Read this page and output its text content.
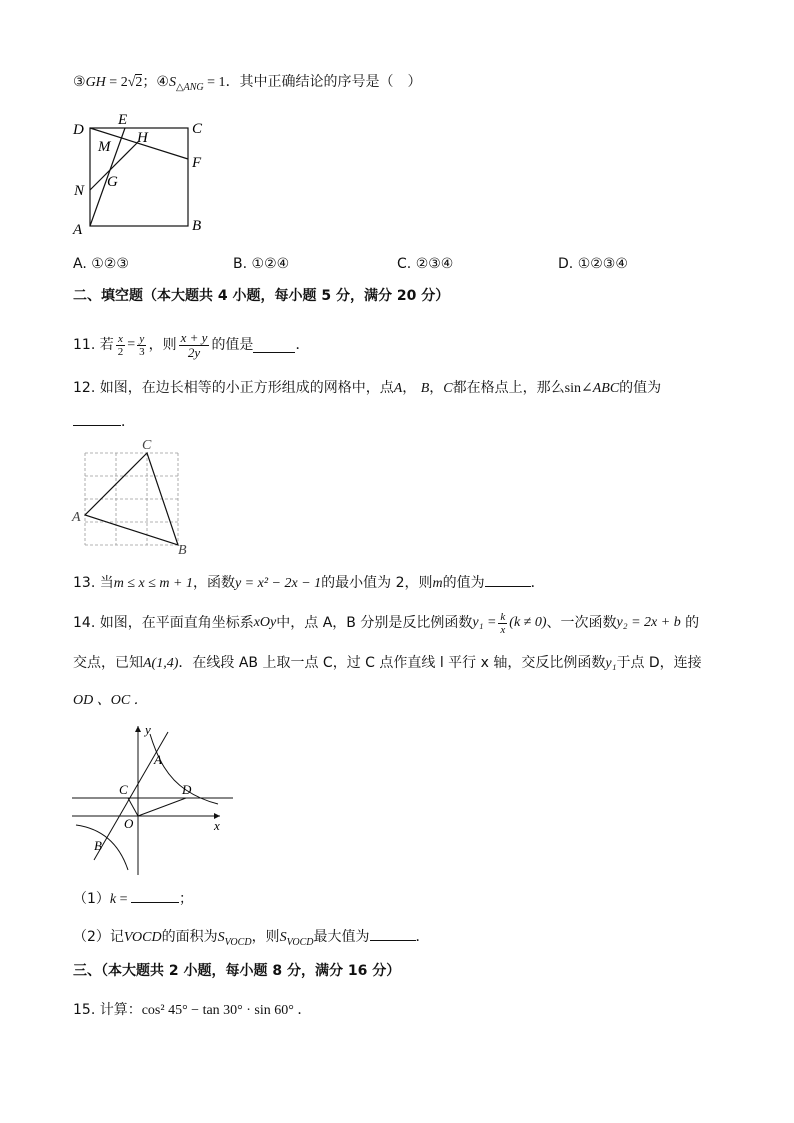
③GH = 2√2；$④S_{\triangle ANG} = 1$．其中正确结论的序号是（　）
D
E
C
H
M
F
N
G
A	B
A. ①②③	B. ①②④	C. ②③④	D. ①②③④
二、填空题（本大题共 4 小题，每小题 5 分，满分 20 分）
11.
若 $\frac{x}{2} = \frac{y}{3}$ ，则 $\frac{x + y}{2y}$ 的值是	．
12. 如图，在边长相等的小正方形组成的网格中，点A， B，C都在格点上，那么sin∠ABC的值为
．
C
A
B
13. 当m ≤ x ≤ m + 1，函数y = x² − 2x − 1的最小值为 2，则m的值为	．
14.
如图，在平面直角坐标系 xOy 中，点 A，B 分别是反比例函数 $y_1 = \frac{k}{x} (k \ne 0)$ 、一次函数 y₂ = 2x + b
的
交点，已知A(1,4)．在线段 AB 上取一点 C，过 C 点作直线 l 平行 x 轴，交反比例函数y₁于点 D，连接
OD 、OC ．
y
A
C	D
O	x
B
（1）k =	；
（2）记VOCD的面积为$S_{VOCD}$，则$S_{VOCD}$最大值为	．
三、（本大题共 2 小题，每小题 8 分，满分 16 分）
15. 计算：cos² 45° − tan 30° · sin 60° ．
